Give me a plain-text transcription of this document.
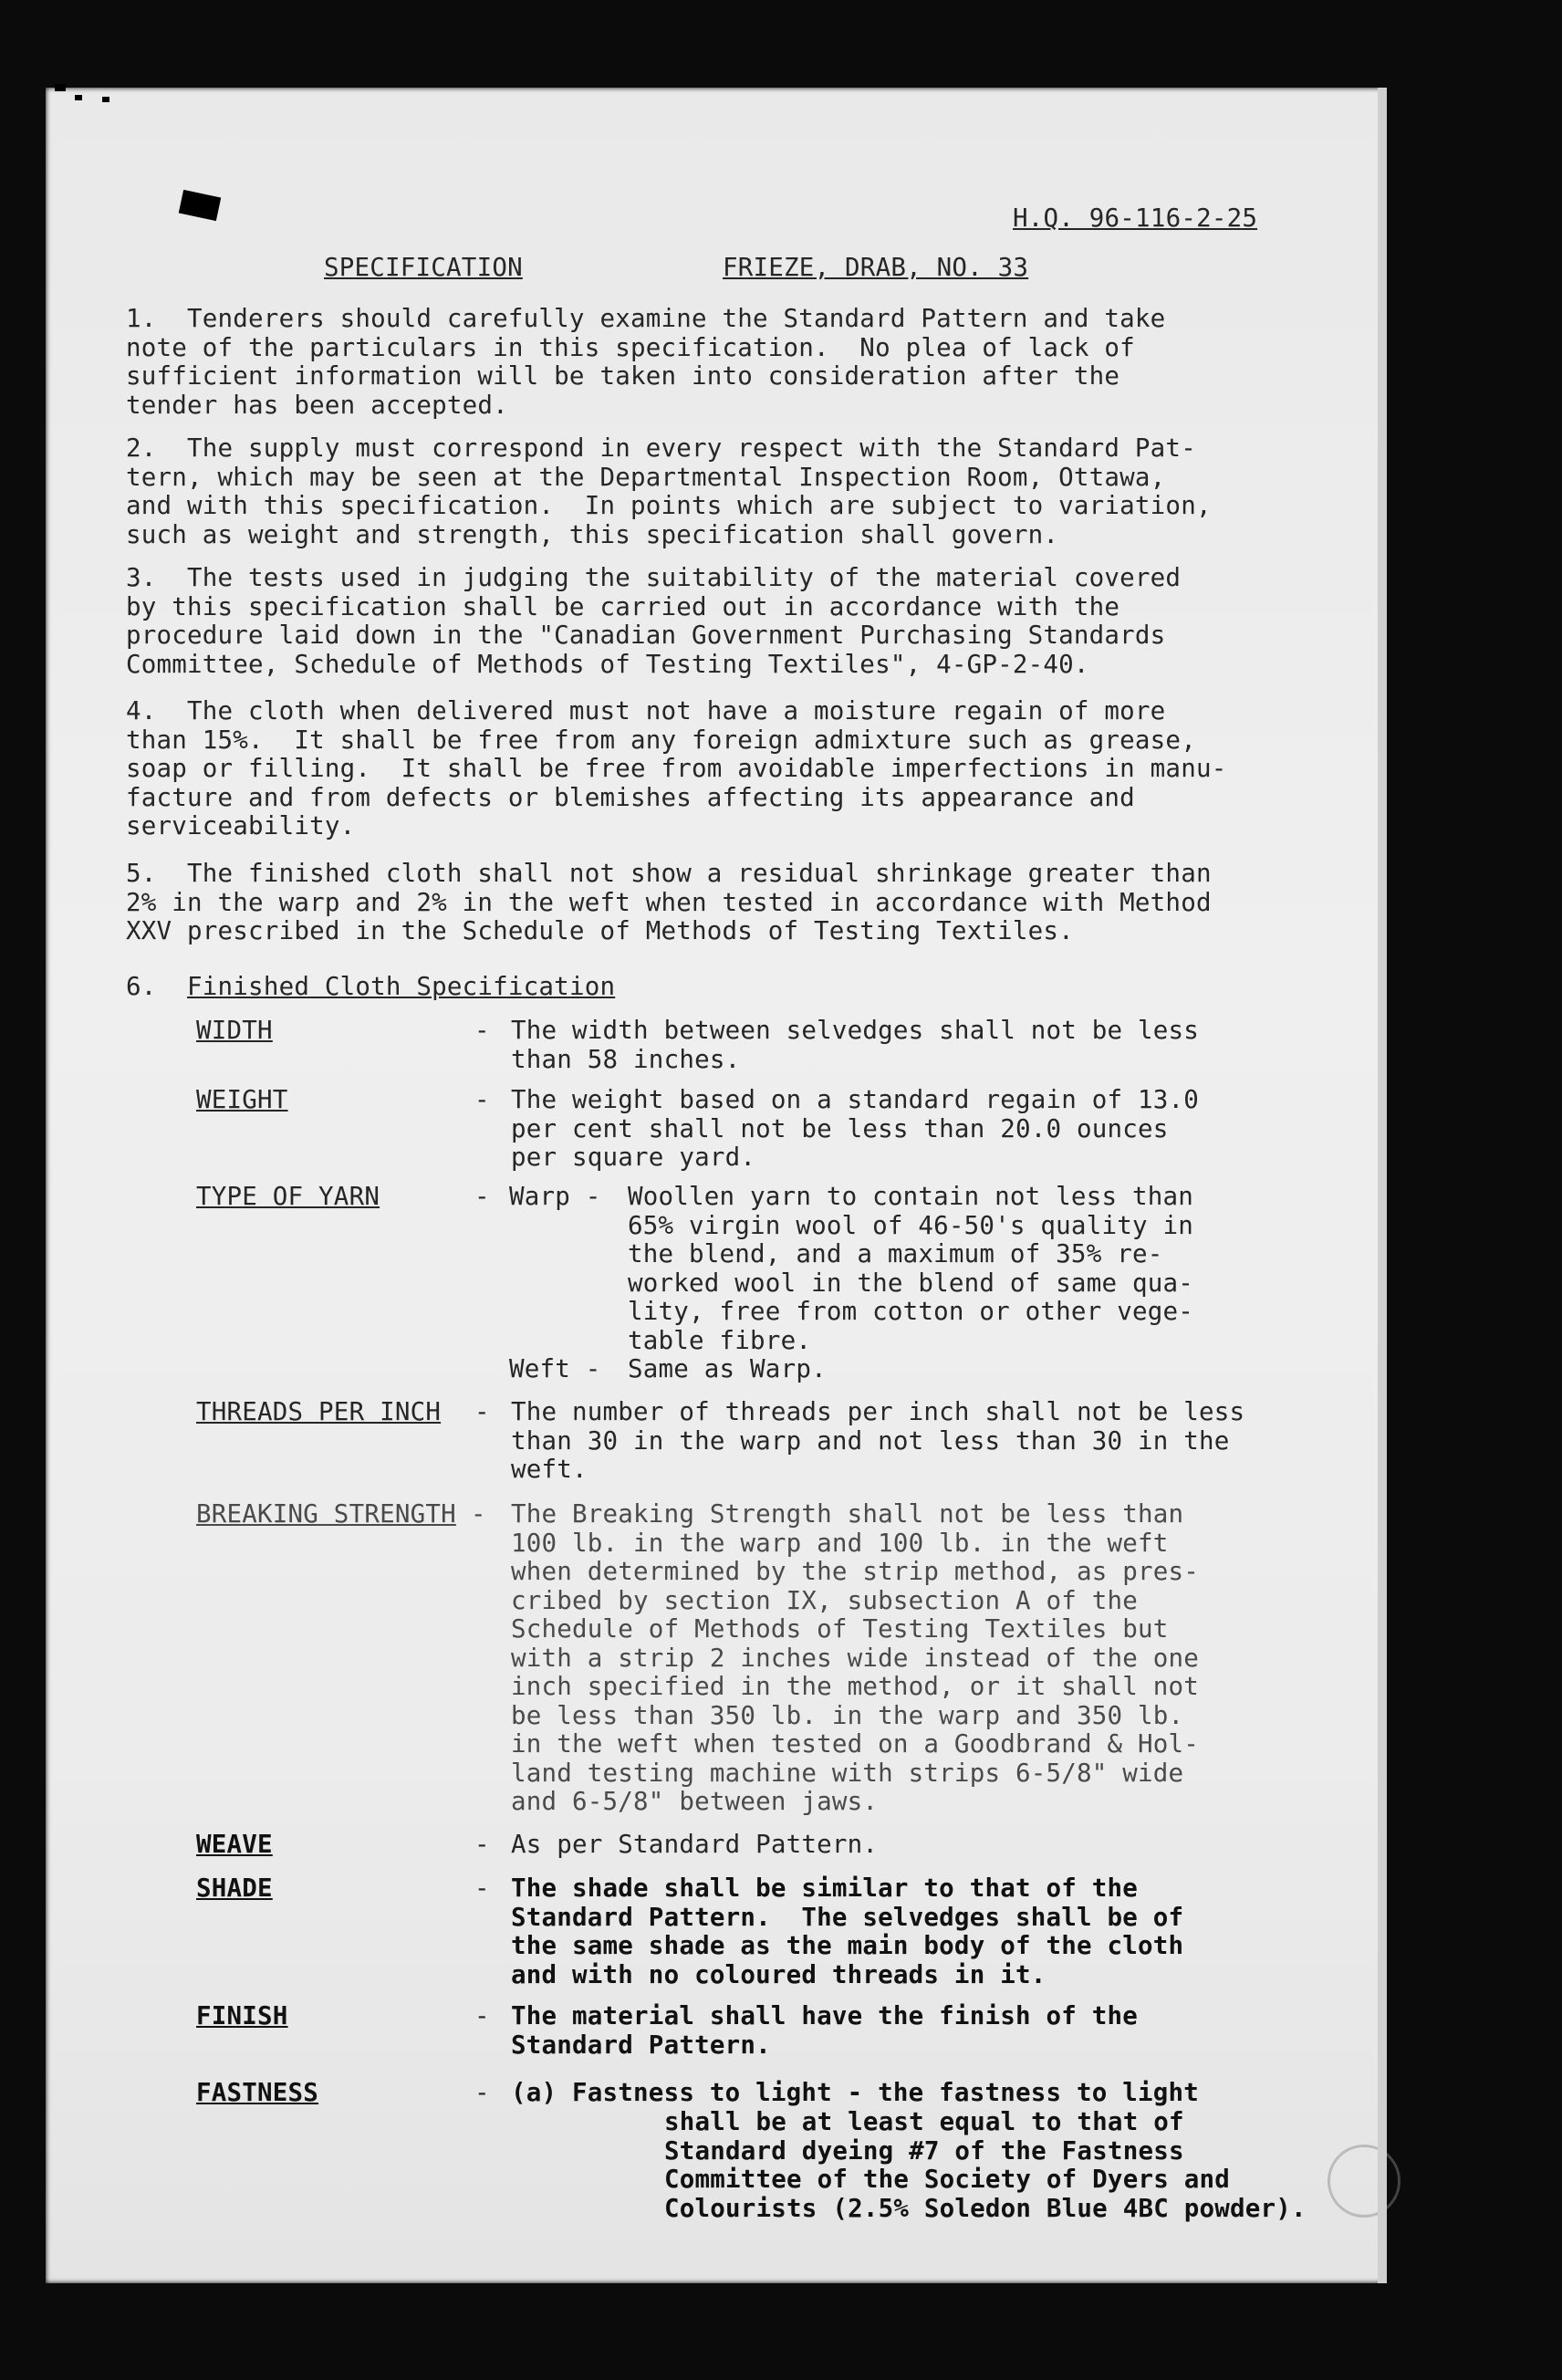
H.Q. 96-116-2-25
SPECIFICATION	FRIEZE, DRAB, NO. 33
1.  Tenderers should carefully examine the Standard Pattern and take
note of the particulars in this specification.  No plea of lack of
sufficient information will be taken into consideration after the
tender has been accepted.
2.  The supply must correspond in every respect with the Standard Pat-
tern, which may be seen at the Departmental Inspection Room, Ottawa,
and with this specification.  In points which are subject to variation,
such as weight and strength, this specification shall govern.
3.  The tests used in judging the suitability of the material covered
by this specification shall be carried out in accordance with the
procedure laid down in the "Canadian Government Purchasing Standards
Committee, Schedule of Methods of Testing Textiles", 4-GP-2-40.
4.  The cloth when delivered must not have a moisture regain of more
than 15%.  It shall be free from any foreign admixture such as grease,
soap or filling.  It shall be free from avoidable imperfections in manu-
facture and from defects or blemishes affecting its appearance and
serviceability.
5.  The finished cloth shall not show a residual shrinkage greater than
2% in the warp and 2% in the weft when tested in accordance with Method
XXV prescribed in the Schedule of Methods of Testing Textiles.
6. Finished Cloth Specification
WIDTH	- The width between selvedges shall not be less
than 58 inches.
WEIGHT	- The weight based on a standard regain of 13.0
per cent shall not be less than 20.0 ounces
per square yard.
TYPE OF YARN	- Warp - Woollen yarn to contain not less than
65% virgin wool of 46-50's quality in
the blend, and a maximum of 35% re-
worked wool in the blend of same qua-
lity, free from cotton or other vege-
table fibre.
Weft - Same as Warp.
THREADS PER INCH - The number of threads per inch shall not be less
than 30 in the warp and not less than 30 in the
weft.
BREAKING STRENGTH - The Breaking Strength shall not be less than
100 lb. in the warp and 100 lb. in the weft
when determined by the strip method, as pres-
cribed by section IX, subsection A of the
Schedule of Methods of Testing Textiles but
with a strip 2 inches wide instead of the one
inch specified in the method, or it shall not
be less than 350 lb. in the warp and 350 lb.
in the weft when tested on a Goodbrand & Hol-
land testing machine with strips 6-5/8" wide
and 6-5/8" between jaws.
WEAVE	- As per Standard Pattern.
SHADE	- The shade shall be similar to that of the
Standard Pattern.  The selvedges shall be of
the same shade as the main body of the cloth
and with no coloured threads in it.
FINISH	- The material shall have the finish of the
Standard Pattern.
FASTNESS	- (a) Fastness to light - the fastness to light
shall be at least equal to that of
Standard dyeing #7 of the Fastness
Committee of the Society of Dyers and
Colourists (2.5% Soledon Blue 4BC powder).
